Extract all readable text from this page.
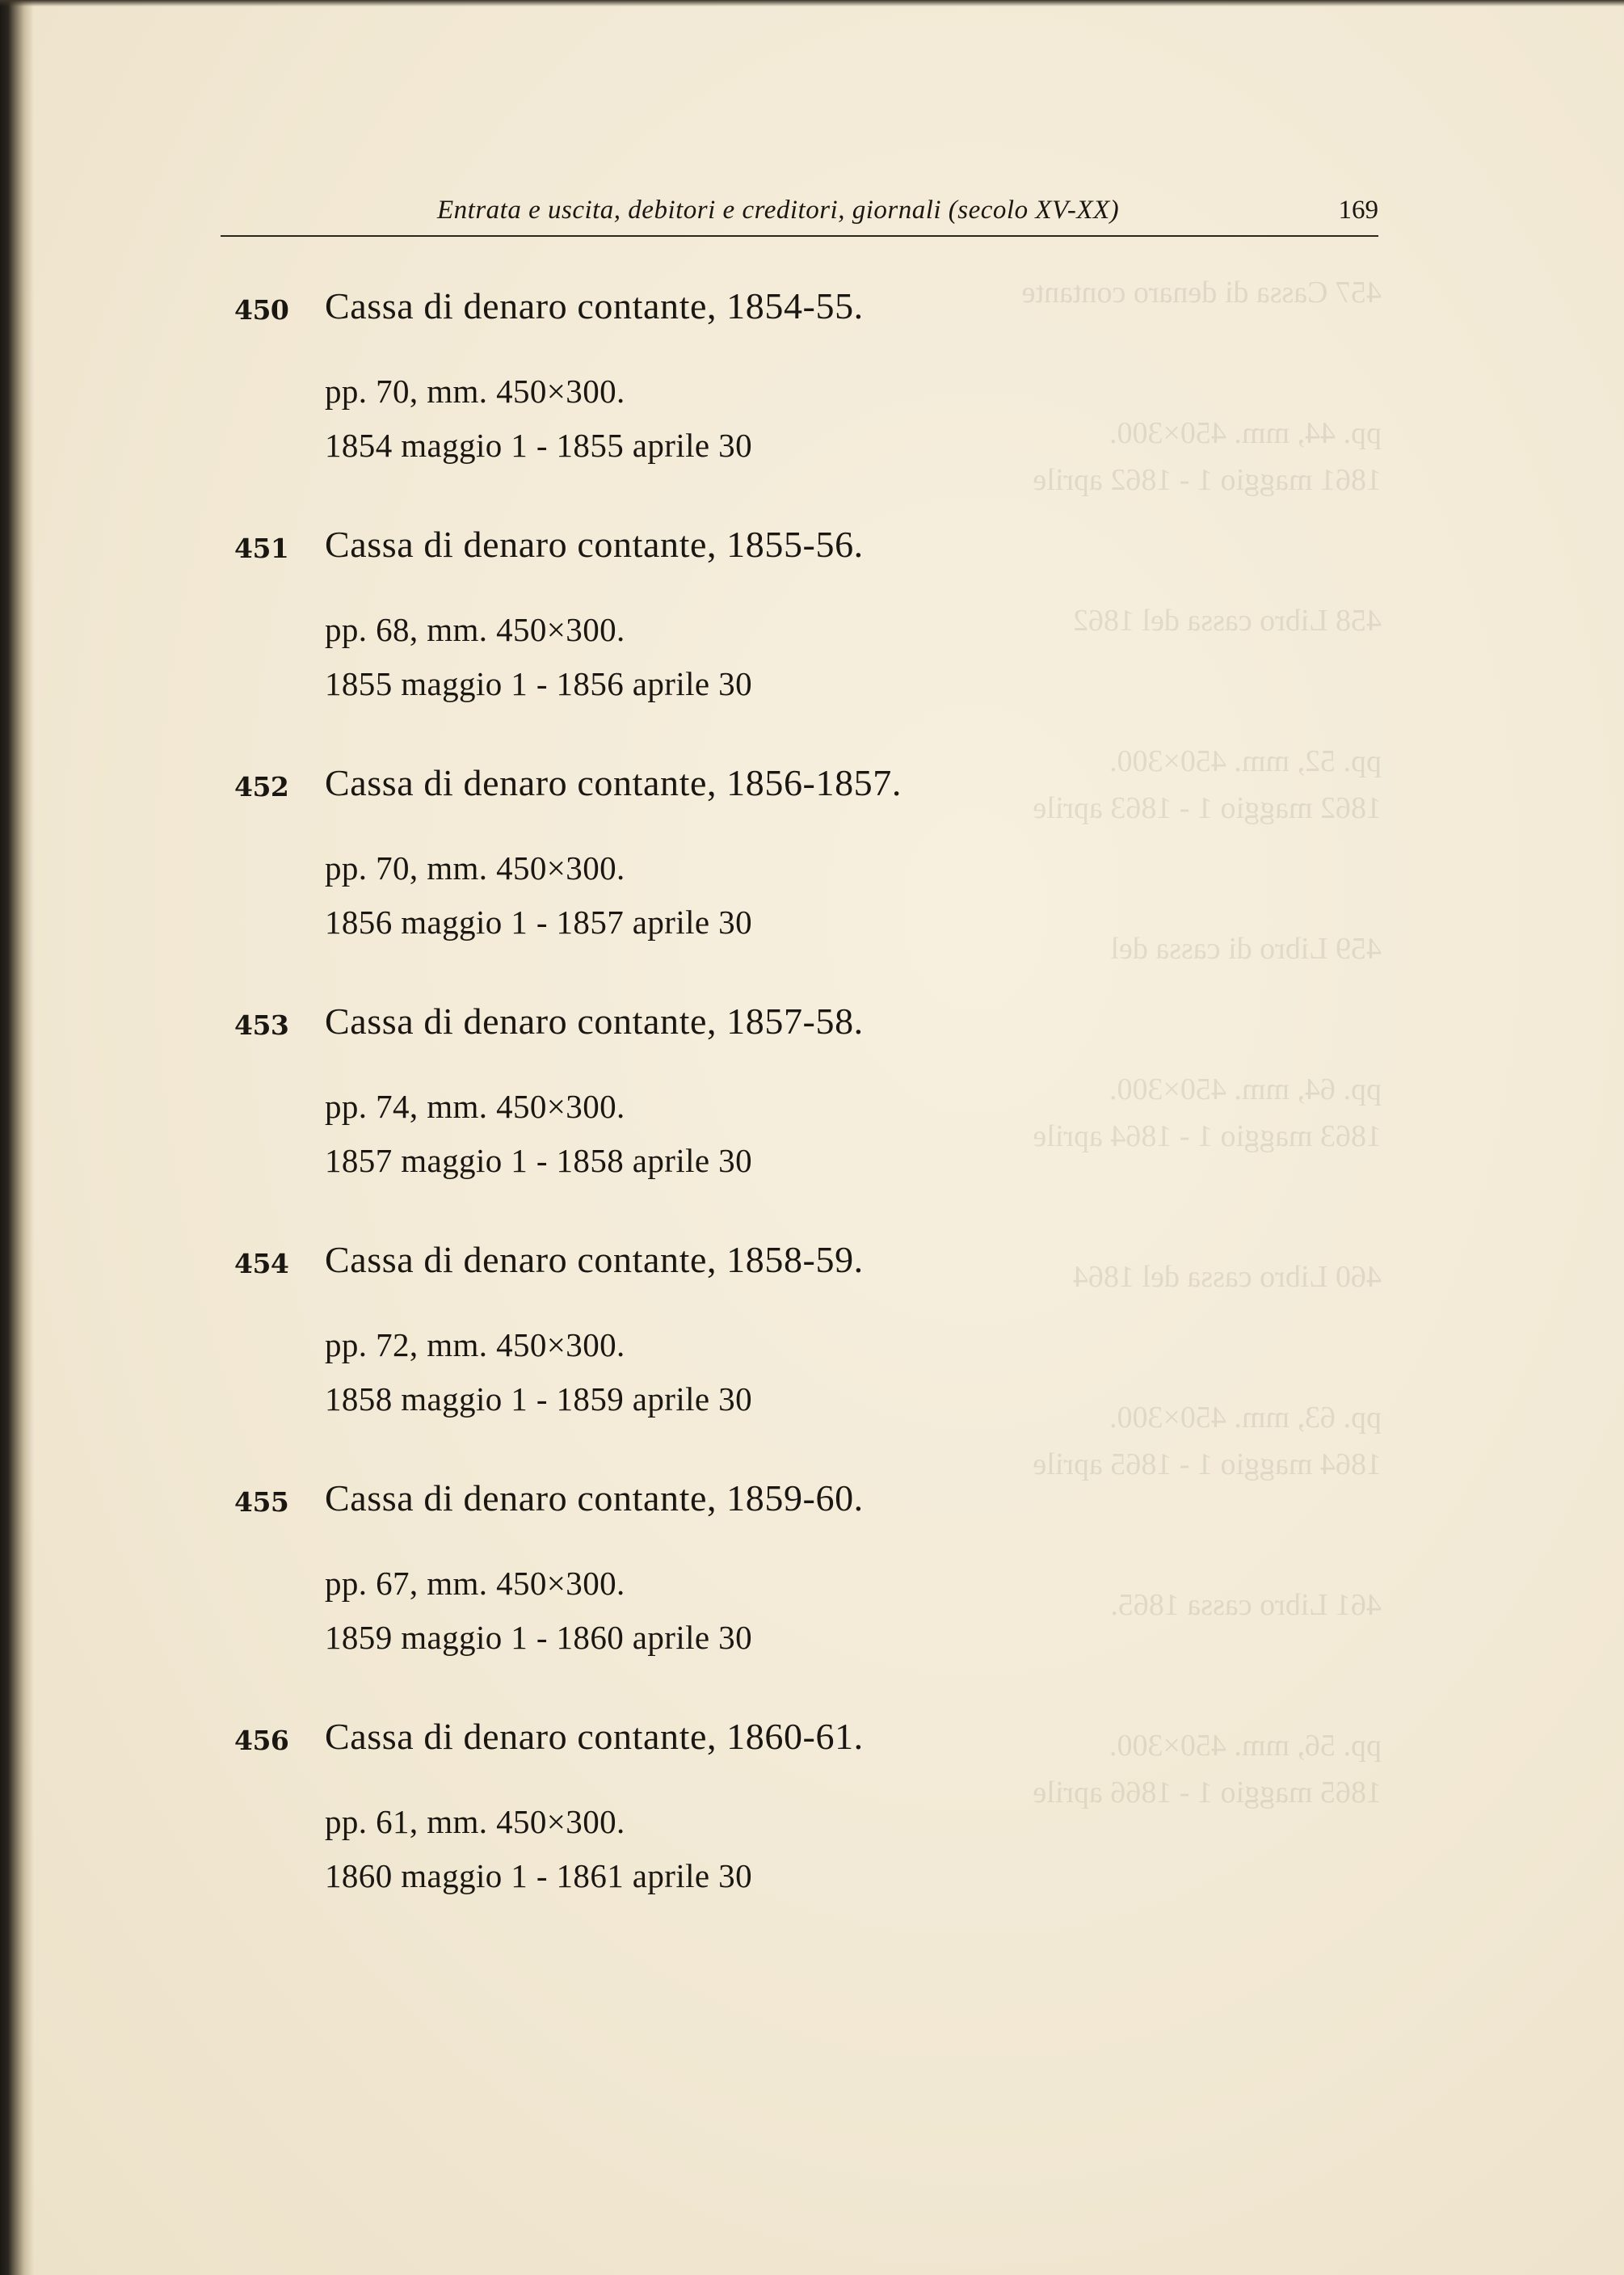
Entrata e uscita, debitori e creditori, giornali (secolo XV-XX)	169
450 Cassa di denaro contante, 1854-55.
pp. 70, mm. 450×300.
1854 maggio 1 - 1855 aprile 30
451 Cassa di denaro contante, 1855-56.
pp. 68, mm. 450×300.
1855 maggio 1 - 1856 aprile 30
452 Cassa di denaro contante, 1856-1857.
pp. 70, mm. 450×300.
1856 maggio 1 - 1857 aprile 30
453 Cassa di denaro contante, 1857-58.
pp. 74, mm. 450×300.
1857 maggio 1 - 1858 aprile 30
454 Cassa di denaro contante, 1858-59.
pp. 72, mm. 450×300.
1858 maggio 1 - 1859 aprile 30
455 Cassa di denaro contante, 1859-60.
pp. 67, mm. 450×300.
1859 maggio 1 - 1860 aprile 30
456 Cassa di denaro contante, 1860-61.
pp. 61, mm. 450×300.
1860 maggio 1 - 1861 aprile 30
